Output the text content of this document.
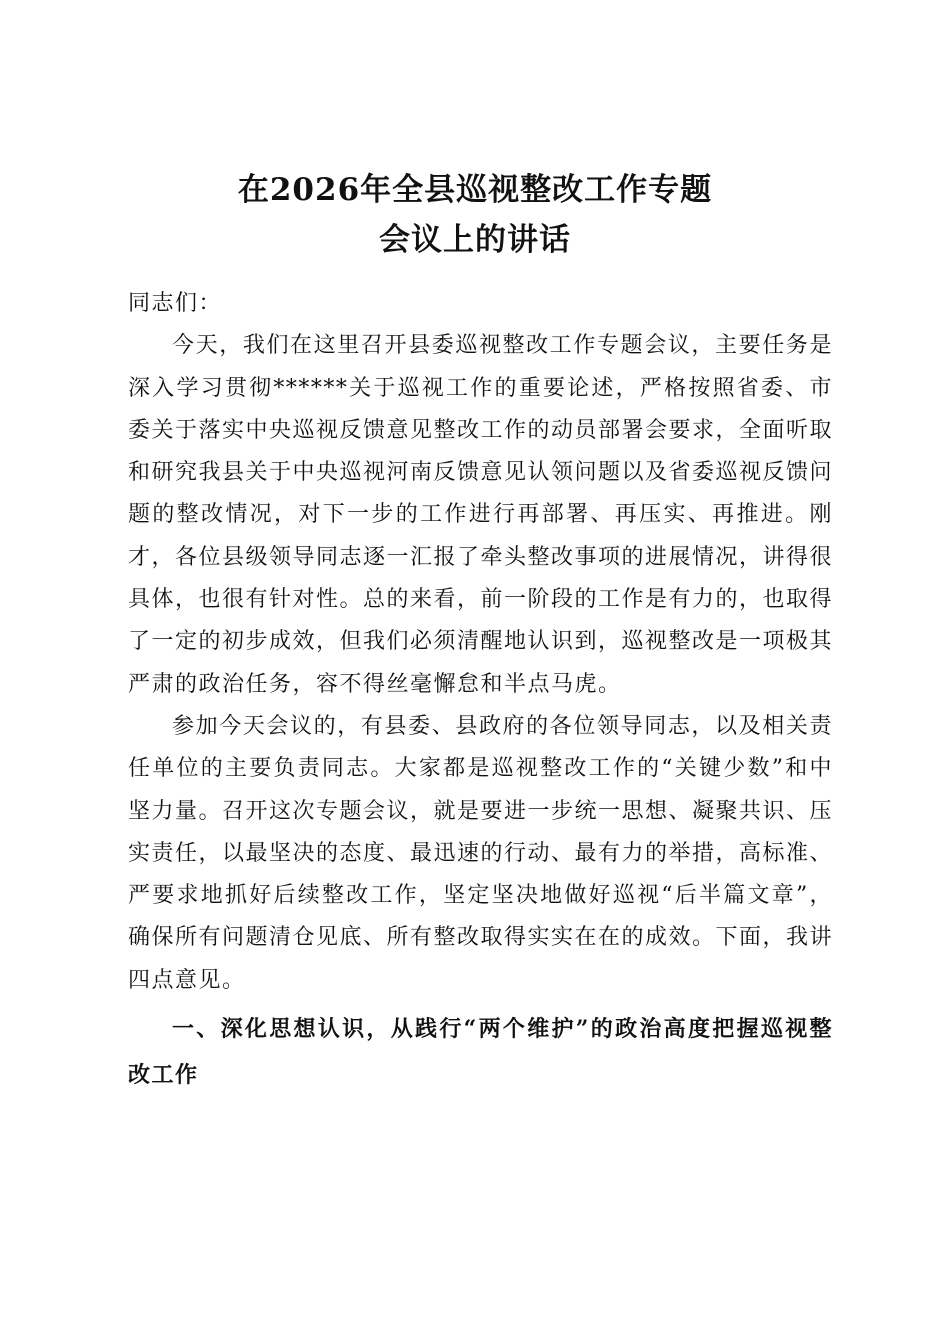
在2026年全县巡视整改工作专题
会议上的讲话

同志们：

今天，我们在这里召开县委巡视整改工作专题会议，主要任务是深入学习贯彻******关于巡视工作的重要论述，严格按照省委、市委关于落实中央巡视反馈意见整改工作的动员部署会要求，全面听取和研究我县关于中央巡视河南反馈意见认领问题以及省委巡视反馈问题的整改情况，对下一步的工作进行再部署、再压实、再推进。刚才，各位县级领导同志逐一汇报了牵头整改事项的进展情况，讲得很具体，也很有针对性。总的来看，前一阶段的工作是有力的，也取得了一定的初步成效，但我们必须清醒地认识到，巡视整改是一项极其严肃的政治任务，容不得丝毫懈怠和半点马虎。

参加今天会议的，有县委、县政府的各位领导同志，以及相关责任单位的主要负责同志。大家都是巡视整改工作的“关键少数”和中坚力量。召开这次专题会议，就是要进一步统一思想、凝聚共识、压实责任，以最坚决的态度、最迅速的行动、最有力的举措，高标准、严要求地抓好后续整改工作，坚定坚决地做好巡视“后半篇文章”，确保所有问题清仓见底、所有整改取得实实在在的成效。下面，我讲四点意见。

一、深化思想认识，从践行“两个维护”的政治高度把握巡视整改工作
